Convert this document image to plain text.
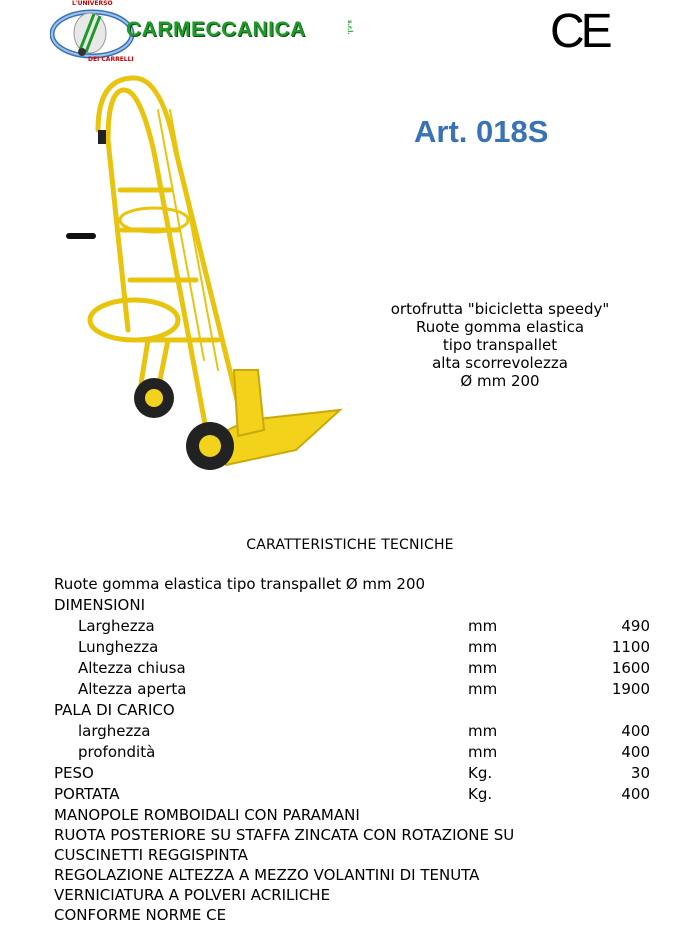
L'UNIVERSO
DEI CARRELLI
CARMECCANICA	s.r.l.	CE
Art. 018S
ortofrutta "bicicletta speedy"
Ruote gomma elastica
tipo transpallet
alta scorrevolezza
Ø mm 200
CARATTERISTICHE TECNICHE
Ruote gomma elastica tipo transpallet Ø mm 200
DIMENSIONI
Larghezza	mm	490
Lunghezza	mm	1100
Altezza chiusa	mm	1600
Altezza aperta	mm	1900
PALA DI CARICO
larghezza	mm	400
profondità	mm	400
PESO	Kg.	30
PORTATA	Kg.	400
MANOPOLE ROMBOIDALI CON PARAMANI
RUOTA POSTERIORE SU STAFFA ZINCATA CON ROTAZIONE SU
CUSCINETTI REGGISPINTA
REGOLAZIONE ALTEZZA A MEZZO VOLANTINI DI TENUTA
VERNICIATURA A POLVERI ACRILICHE
CONFORME NORME CE
